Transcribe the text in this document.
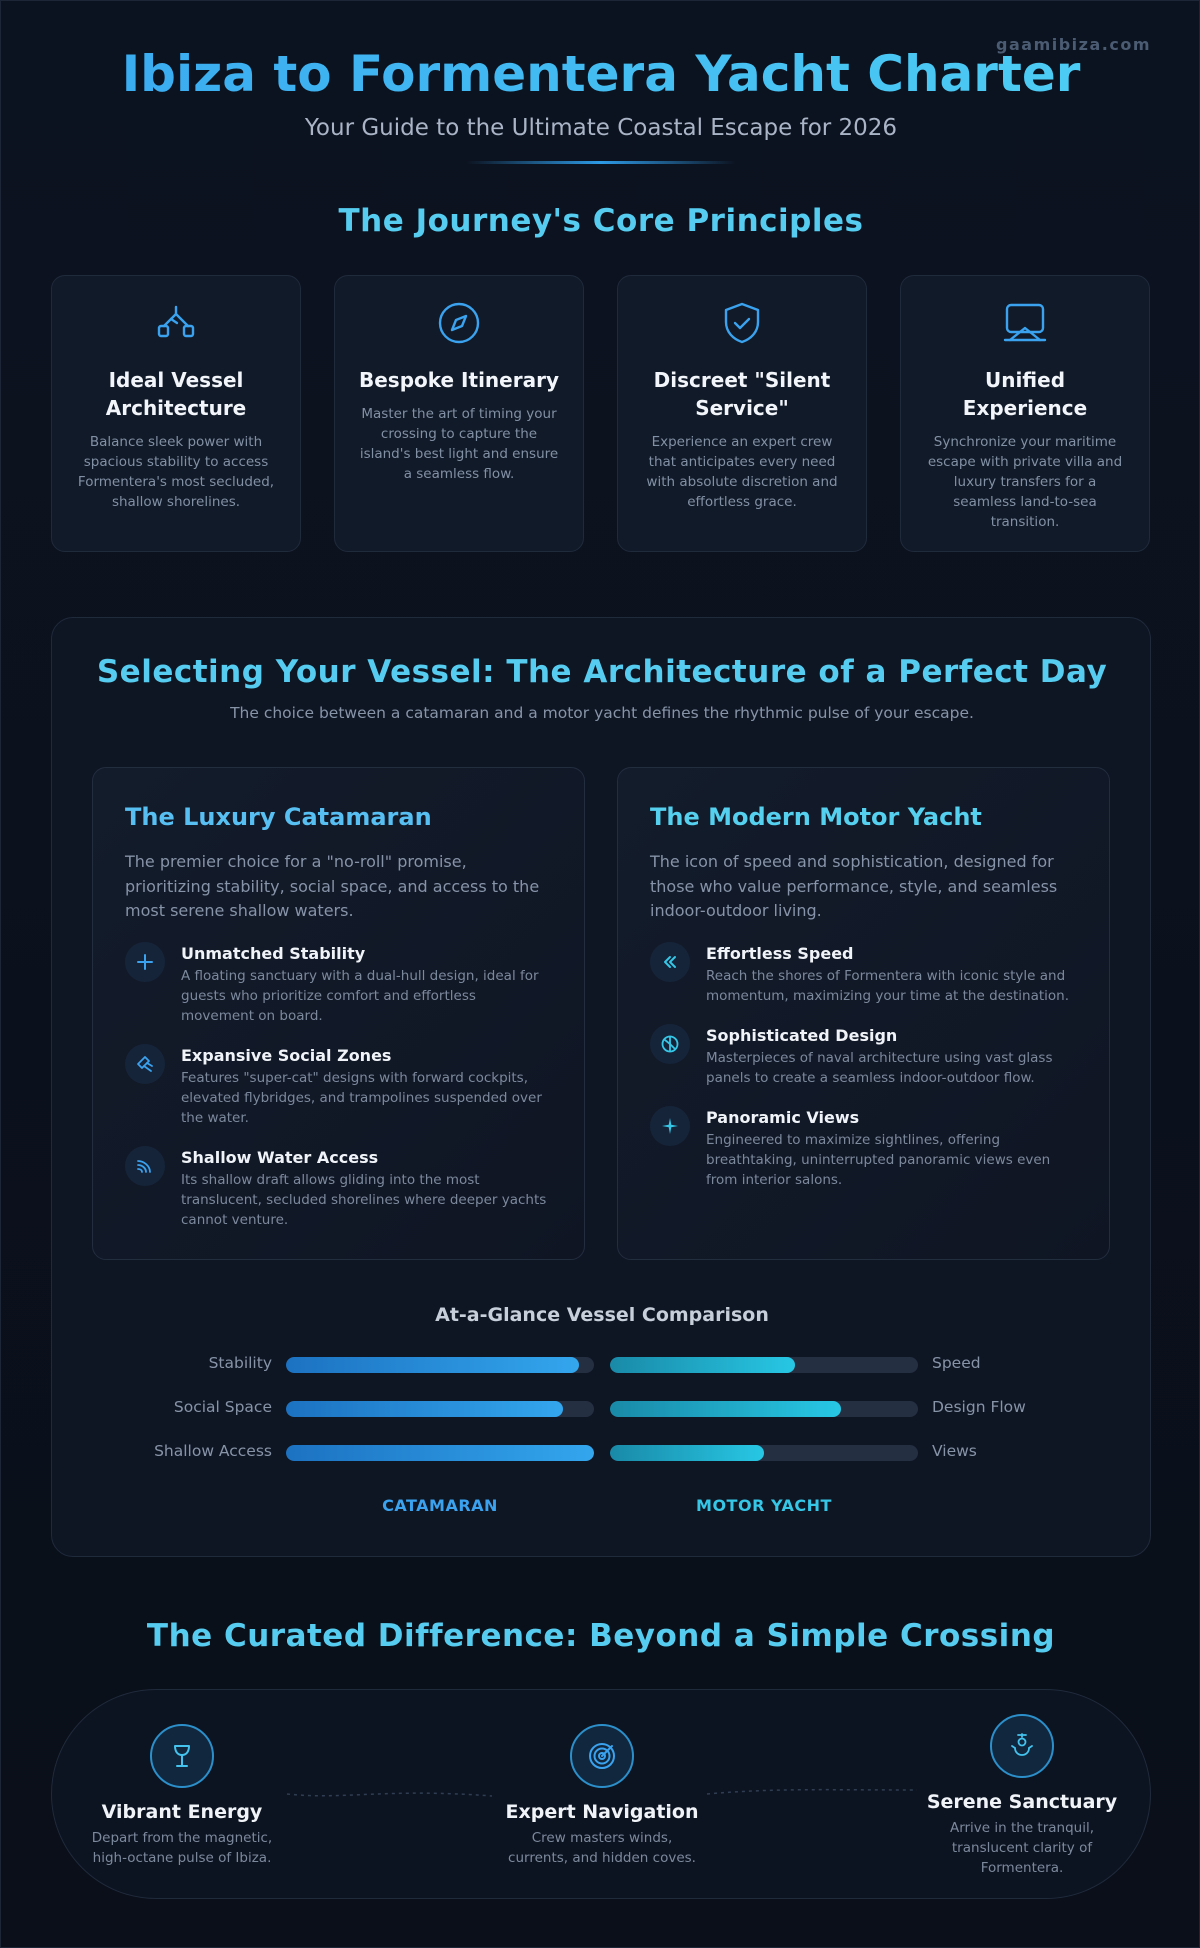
Ibiza to Formentera Yacht Charter
Your Guide to the Ultimate Coastal Escape for 2026
The Journey's Core Principles
Ideal Vessel
Architecture

Balance sleek power with spacious stability to access Formentera's most secluded, shallow shorelines.

Bespoke Itinerary

Master the art of timing your crossing to capture the island's best light and ensure a seamless flow.

Discreet "Silent
Service"

Experience an expert crew that anticipates every need with absolute discretion and effortless grace.

Unified
Experience

Synchronize your maritime escape with private villa and luxury transfers for a seamless land-to-sea transition.

Selecting Your Vessel: The Architecture of a Perfect Day
The choice between a catamaran and a motor yacht defines the rhythmic pulse of your escape.
The Luxury Catamaran

The premier choice for a "no-roll" promise, prioritizing stability, social space, and access to the most serene shallow waters.

Unmatched Stability

A floating sanctuary with a dual-hull design, ideal for guests who prioritize comfort and effortless movement on board.

Expansive Social Zones

Features "super-cat" designs with forward cockpits, elevated flybridges, and trampolines suspended over the water.

Shallow Water Access

Its shallow draft allows gliding into the most translucent, secluded shorelines where deeper yachts cannot venture.

The Modern Motor Yacht

The icon of speed and sophistication, designed for those who value performance, style, and seamless indoor-outdoor living.

Effortless Speed

Reach the shores of Formentera with iconic style and momentum, maximizing your time at the destination.

Sophisticated Design

Masterpieces of naval architecture using vast glass panels to create a seamless indoor-outdoor flow.

Panoramic Views

Engineered to maximize sightlines, offering breathtaking, uninterrupted panoramic views even from interior salons.

At-a-Glance Vessel Comparison
Stability	Speed
Social Space	Design Flow
Shallow Access	Views
CATAMARAN	MOTOR YACHT
The Curated Difference: Beyond a Simple Crossing
Vibrant Energy

Depart from the magnetic,
high-octane pulse of Ibiza.

Expert Navigation

Crew masters winds,
currents, and hidden coves.

Serene Sanctuary

Arrive in the tranquil,
translucent clarity of
Formentera.
